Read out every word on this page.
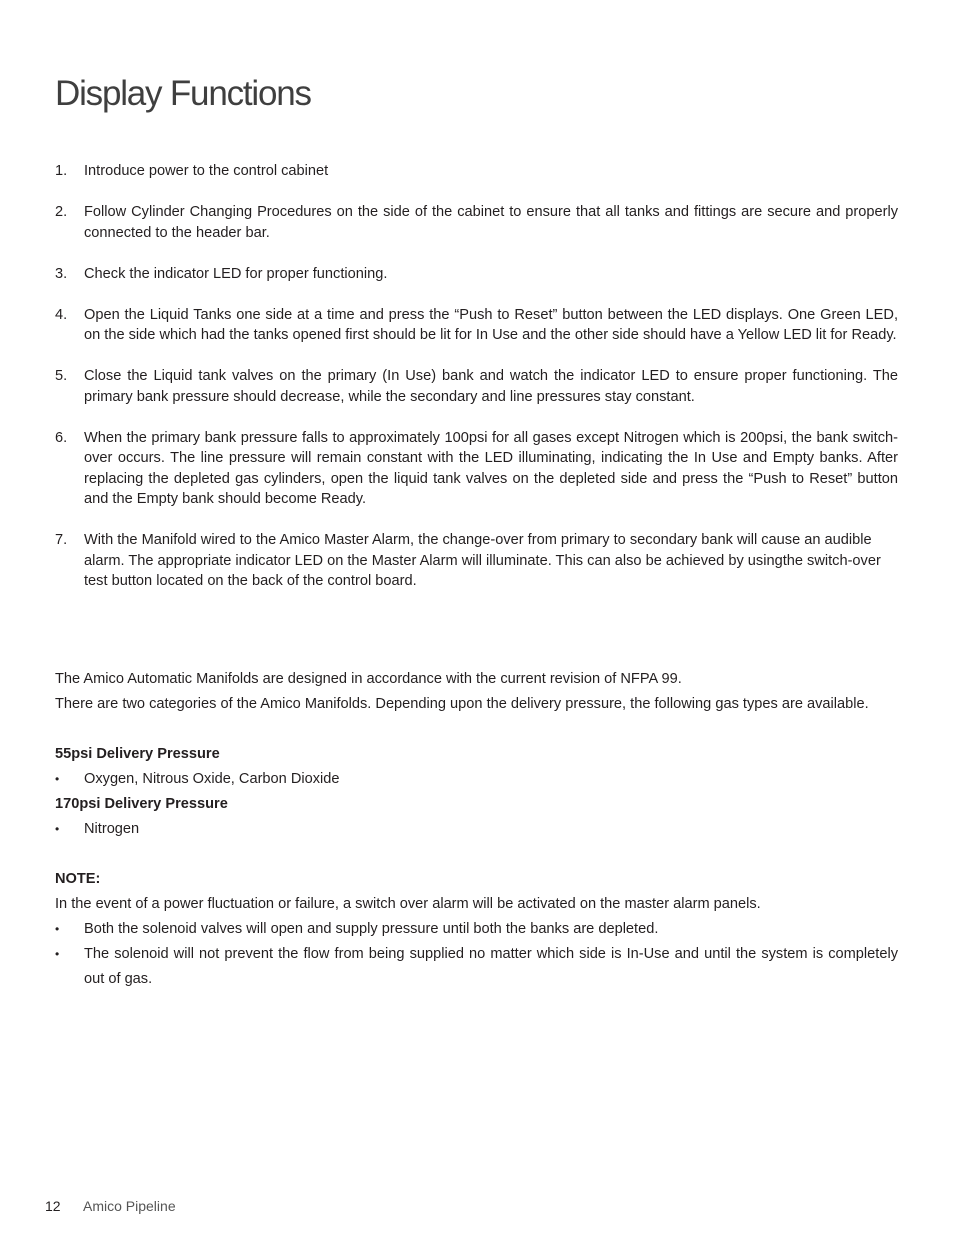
Display Functions
1.	Introduce power to the control cabinet
2.	Follow Cylinder Changing Procedures on the side of the cabinet to ensure that all tanks and fittings are secure and properly connected to the header bar.
3.	Check the indicator LED for proper functioning.
4.	Open the Liquid Tanks one side at a time and press the “Push to Reset” button between the LED displays. One Green LED, on the side which had the tanks opened first should be lit for In Use and the other side should have a Yellow LED lit for Ready.
5.	Close the Liquid tank valves on the primary (In Use) bank and watch the indicator LED to ensure proper functioning. The primary bank pressure should decrease, while the secondary and line pressures stay constant.
6.	When the primary bank pressure falls to approximately 100psi for all gases except Nitrogen which is 200psi, the bank switch-over occurs. The line pressure will remain constant with the LED illuminating, indicating the In Use and Empty banks. After replacing the depleted gas cylinders, open the liquid tank valves on the depleted side and press the “Push to Reset” button and the Empty bank should become Ready.
7.	With the Manifold wired to the Amico Master Alarm, the change-over from primary to secondary bank will cause an audible alarm. The appropriate indicator LED on the Master Alarm will illuminate. This can also be achieved by usingthe switch-over test button located on the back of the control board.

The Amico Automatic Manifolds are designed in accordance with the current revision of NFPA 99.

There are two categories of the Amico Manifolds. Depending upon the delivery pressure, the following gas types are available.

55psi Delivery Pressure

•	Oxygen, Nitrous Oxide, Carbon Dioxide

170psi Delivery Pressure

•	Nitrogen

NOTE:

In the event of a power fluctuation or failure, a switch over alarm will be activated on the master alarm panels.

•	Both the solenoid valves will open and supply pressure until both the banks are depleted.
•	The solenoid will not prevent the flow from being supplied no matter which side is In-Use and until the system is completely out of gas.
12 Amico Pipeline
